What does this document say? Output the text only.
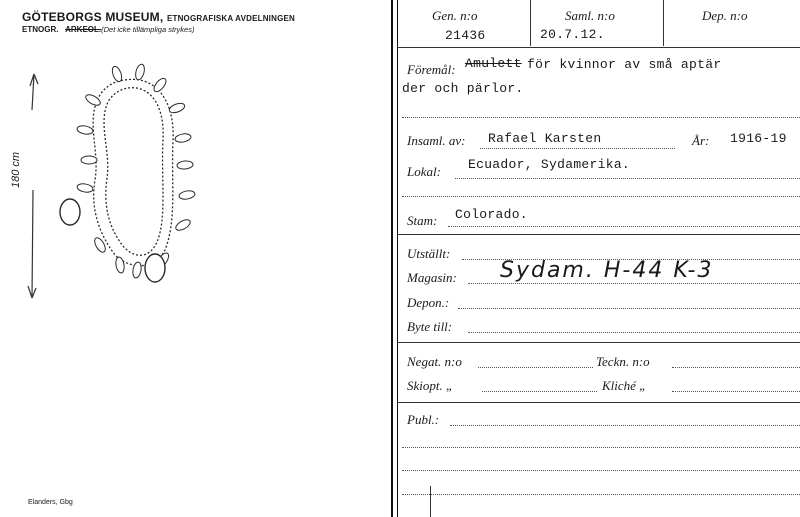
GÖTEBORGS MUSEUM, ETNOGRAFISKA AVDELNINGEN
ETNOGR. ARKEOL.(Det icke tillämpliga strykes)
180 cm
Elanders, Gbg
Gen. n:o	Saml. n:o	Dep. n:o
21436	20.7.12.
Föremål: Amulett för kvinnor av små aptär
der och pärlor.
Insaml. av: Rafael Karsten	År: 1916-19
Lokal: Ecuador, Sydamerika.
Stam: Colorado.
Utställt:
Magasin: Sydam. H-44 K-3
Depon.:
Byte till:
Negat. n:o	Teckn. n:o
Skiopt. „	Kliché „
Publ.:
